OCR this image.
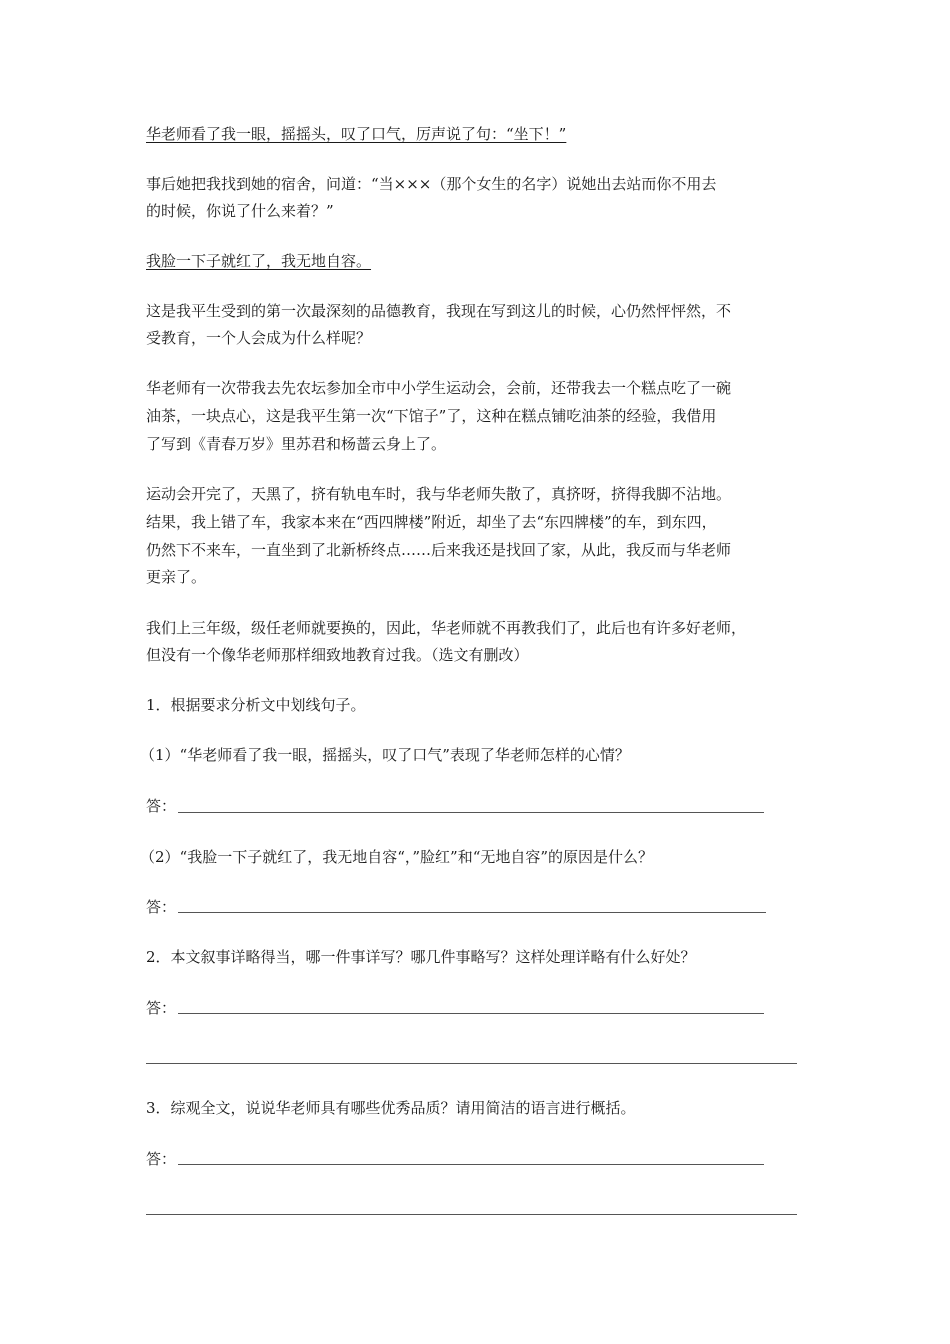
华老师看了我一眼，摇摇头，叹了口气，厉声说了句：“坐下！”
事后她把我找到她的宿舍，问道：“当×××（那个女生的名字）说她出去站而你不用去
的时候，你说了什么来着？”
我脸一下子就红了，我无地自容。
这是我平生受到的第一次最深刻的品德教育，我现在写到这儿的时候，心仍然怦怦然，不
受教育，一个人会成为什么样呢？
华老师有一次带我去先农坛参加全市中小学生运动会，会前，还带我去一个糕点吃了一碗
油茶，一块点心，这是我平生第一次“下馆子”了，这种在糕点铺吃油茶的经验，我借用
了写到《青春万岁》里苏君和杨蔷云身上了。
运动会开完了，天黑了，挤有轨电车时，我与华老师失散了，真挤呀，挤得我脚不沾地。
结果，我上错了车，我家本来在“西四牌楼”附近，却坐了去“东四牌楼”的车，到东四，
仍然下不来车，一直坐到了北新桥终点……后来我还是找回了家，从此，我反而与华老师
更亲了。
我们上三年级，级任老师就要换的，因此，华老师就不再教我们了，此后也有许多好老师，
但没有一个像华老师那样细致地教育过我。（选文有删改）
1．根据要求分析文中划线句子。
（1）“华老师看了我一眼，摇摇头，叹了口气”表现了华老师怎样的心情？
答：
（2）“我脸一下子就红了，我无地自容“，”脸红”和“无地自容”的原因是什么？
答：
2．本文叙事详略得当，哪一件事详写？哪几件事略写？这样处理详略有什么好处？
答：
3．综观全文，说说华老师具有哪些优秀品质？请用简洁的语言进行概括。
答：
